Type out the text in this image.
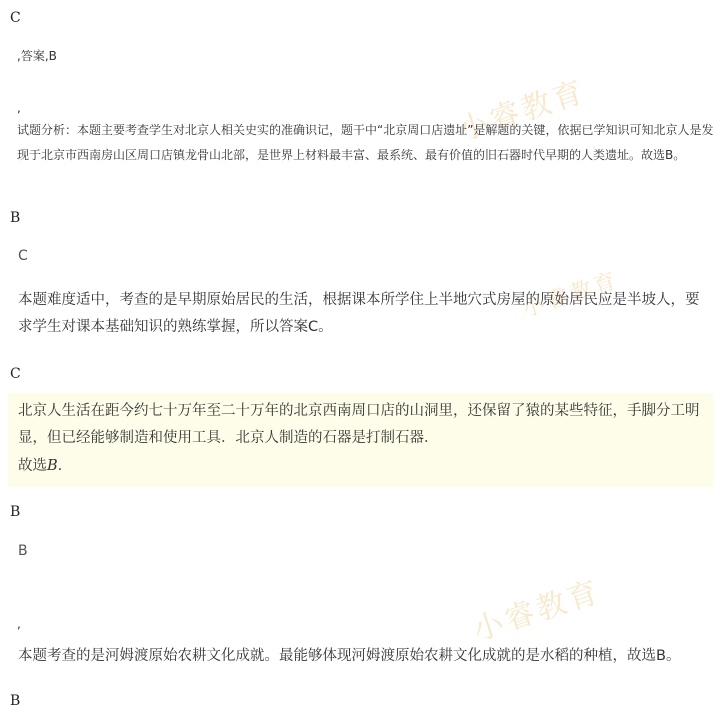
小睿教育
小睿教育
小睿教育
C
,答案,B
,
试题分析：本题主要考查学生对北京人相关史实的准确识记，题干中“北京周口店遗址”是解题的关键，依据已学知识可知北京人是发现于北京市西南房山区周口店镇龙骨山北部，是世界上材料最丰富、最系统、最有价值的旧石器时代早期的人类遗址。故选B。
B
C
本题难度适中，考查的是早期原始居民的生活，根据课本所学住上半地穴式房屋的原始居民应是半坡人，要求学生对课本基础知识的熟练掌握，所以答案C。
C
北京人生活在距今约七十万年至二十万年的北京西南周口店的山洞里，还保留了猿的某些特征，手脚分工明显，但已经能够制造和使用工具．北京人制造的石器是打制石器．
故选B.
B
B
,
本题考查的是河姆渡原始农耕文化成就。最能够体现河姆渡原始农耕文化成就的是水稻的种植，故选B。
B
